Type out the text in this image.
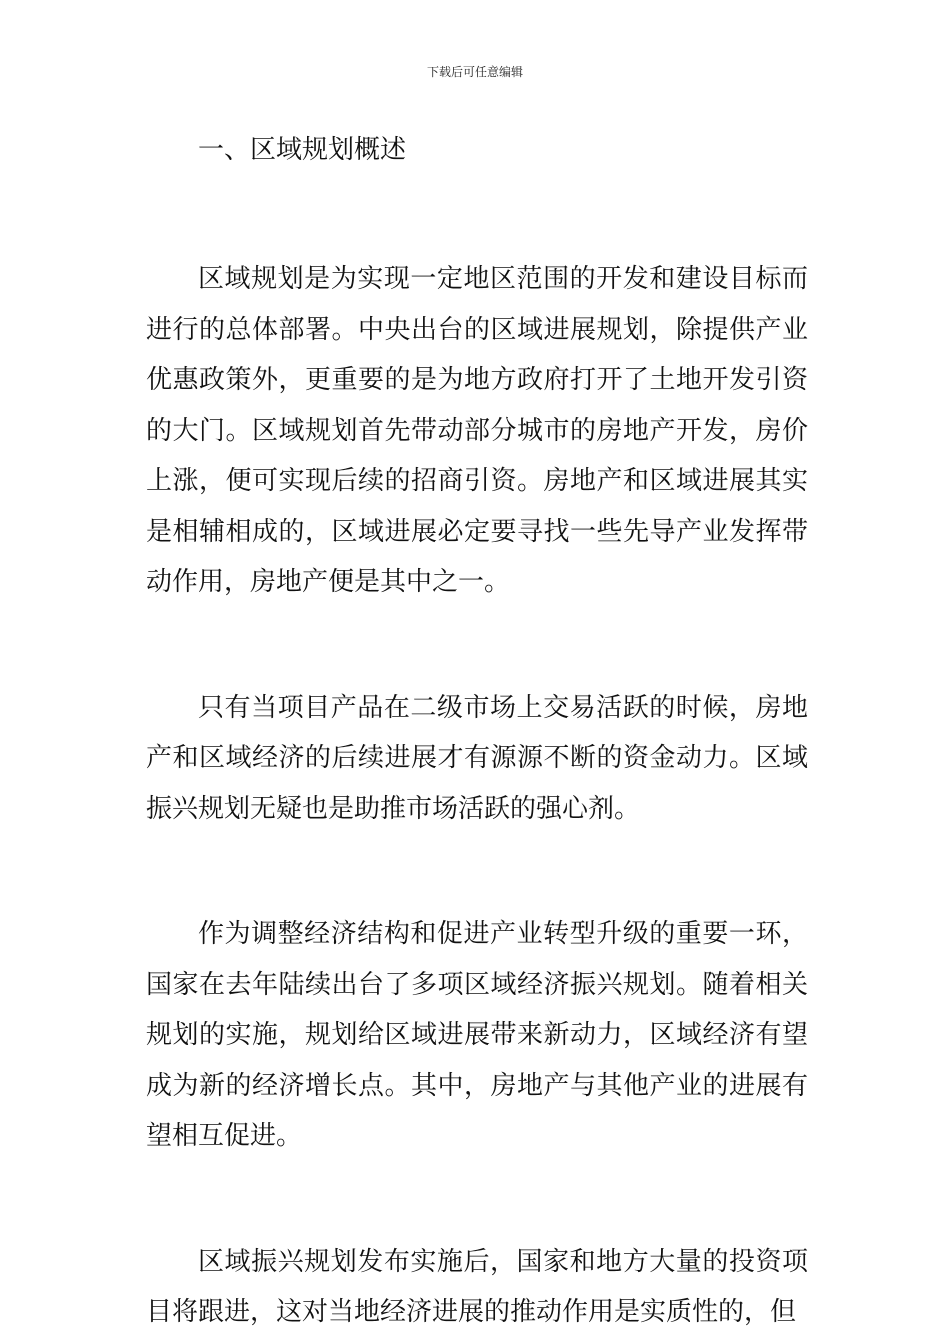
下载后可任意编辑
一、区域规划概述

区域规划是为实现一定地区范围的开发和建设目标而进行的总体部署。中央出台的区域进展规划，除提供产业优惠政策外，更重要的是为地方政府打开了土地开发引资的大门。区域规划首先带动部分城市的房地产开发，房价上涨，便可实现后续的招商引资。房地产和区域进展其实是相辅相成的，区域进展必定要寻找一些先导产业发挥带动作用，房地产便是其中之一。

只有当项目产品在二级市场上交易活跃的时候，房地产和区域经济的后续进展才有源源不断的资金动力。区域振兴规划无疑也是助推市场活跃的强心剂。

作为调整经济结构和促进产业转型升级的重要一环，国家在去年陆续出台了多项区域经济振兴规划。随着相关规划的实施，规划给区域进展带来新动力，区域经济有望成为新的经济增长点。其中，房地产与其他产业的进展有望相互促进。

区域振兴规划发布实施后，国家和地方大量的投资项目将跟进，这对当地经济进展的推动作用是实质性的，但
